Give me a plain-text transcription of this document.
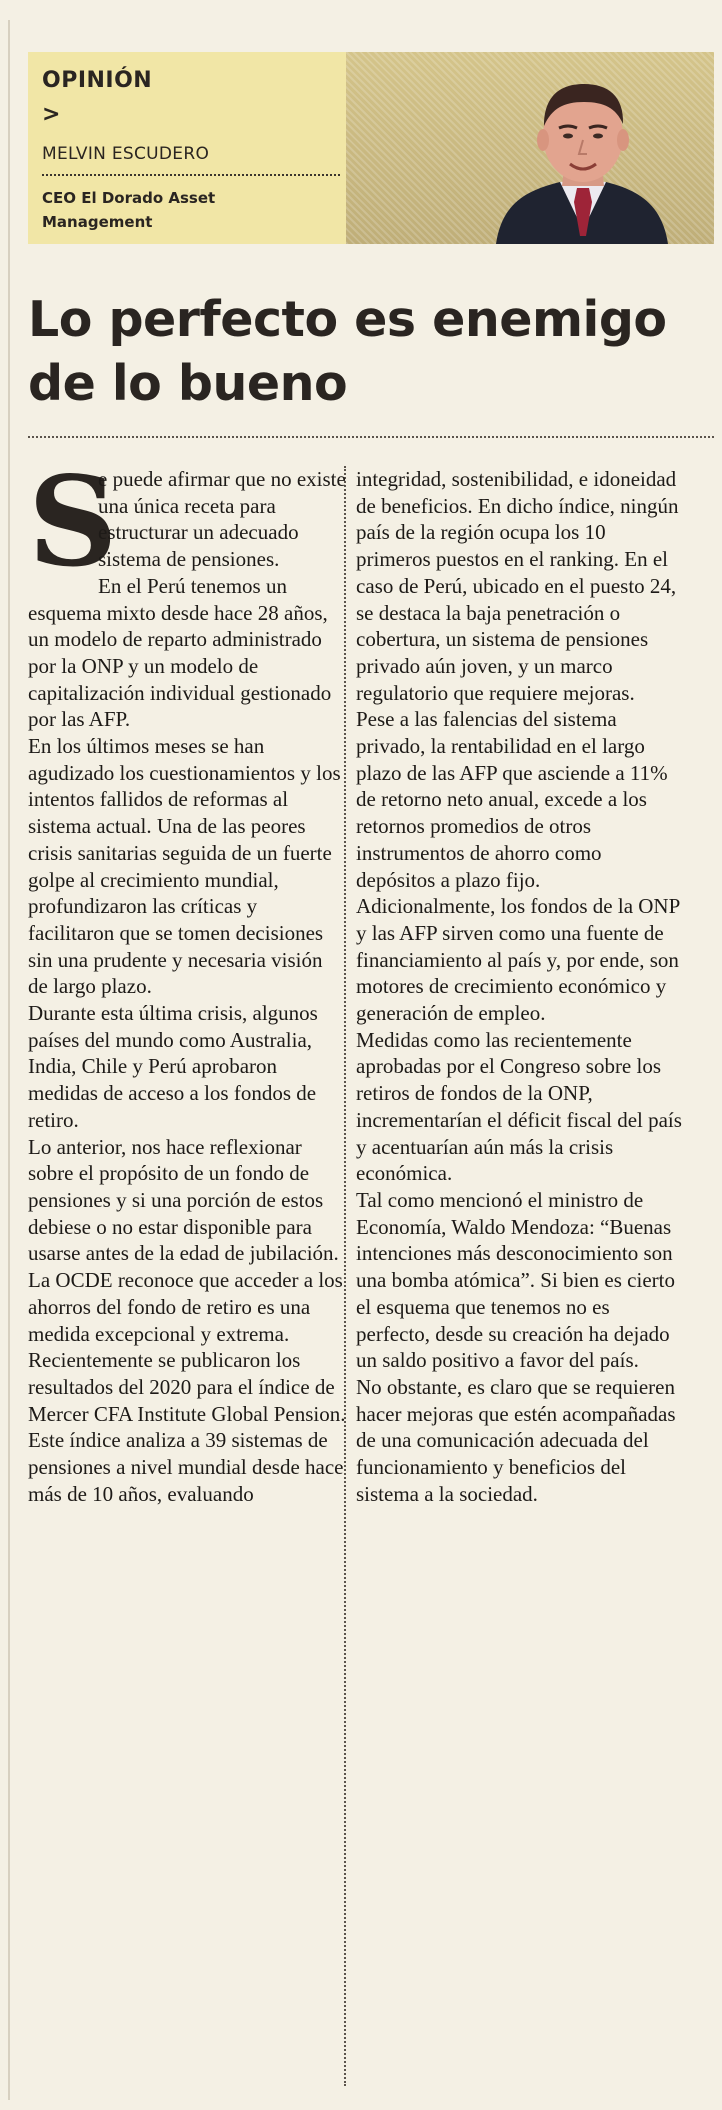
OPINIÓN
>
MELVIN ESCUDERO
CEO El Dorado Asset Management
Lo perfecto es enemigo de lo bueno
S

e puede afirmar que no existe una única receta para estructurar un adecuado sistema de pensiones.

En el Perú tenemos un esquema mixto desde hace 28 años, un modelo de reparto administrado por la ONP y un modelo de capitalización individual gestionado por las AFP.

En los últimos meses se han agudizado los cuestionamientos y los intentos fallidos de reformas al sistema actual. Una de las peores crisis sanitarias seguida de un fuerte golpe al crecimiento mundial, profundizaron las críticas y facilitaron que se tomen decisiones sin una prudente y necesaria visión de largo plazo.

Durante esta última crisis, algunos países del mundo como Australia, India, Chile y Perú aprobaron medidas de acceso a los fondos de retiro.

Lo anterior, nos hace reflexionar sobre el propósito de un fondo de pensiones y si una porción de estos debiese o no estar disponible para usarse antes de la edad de jubilación. La OCDE reconoce que acceder a los ahorros del fondo de retiro es una medida excepcional y extrema.

Recientemente se publicaron los resultados del 2020 para el índice de Mercer CFA Institute Global Pension. Este índice analiza a 39 sistemas de pensiones a nivel mundial desde hace más de 10 años, evaluando

integridad, sostenibilidad, e idoneidad de beneficios. En dicho índice, ningún país de la región ocupa los 10 primeros puestos en el ranking. En el caso de Perú, ubicado en el puesto 24, se destaca la baja penetración o cobertura, un sistema de pensiones privado aún joven, y un marco regulatorio que requiere mejoras.

Pese a las falencias del sistema privado, la rentabilidad en el largo plazo de las AFP que asciende a 11% de retorno neto anual, excede a los retornos promedios de otros instrumentos de ahorro como depósitos a plazo fijo.

Adicionalmente, los fondos de la ONP y las AFP sirven como una fuente de financiamiento al país y, por ende, son motores de crecimiento económico y generación de empleo.

Medidas como las recientemente aprobadas por el Congreso sobre los retiros de fondos de la ONP, incrementarían el déficit fiscal del país y acentuarían aún más la crisis económica.

Tal como mencionó el ministro de Economía, Waldo Mendoza: “Buenas intenciones más desconocimiento son una bomba atómica”. Si bien es cierto el esquema que tenemos no es perfecto, desde su creación ha dejado un saldo positivo a favor del país.

No obstante, es claro que se requieren hacer mejoras que estén acompañadas de una comunicación adecuada del funcionamiento y beneficios del sistema a la sociedad.
